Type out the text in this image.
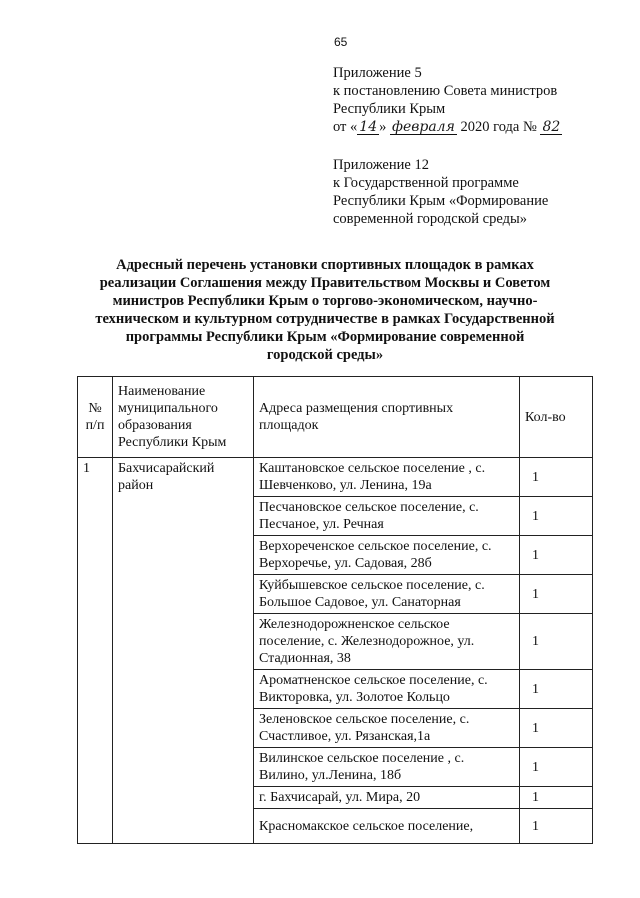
65
Приложение 5
к постановлению Совета министров
Республики Крым
от « 14 » февраля 2020 года № 82
Приложение 12
к Государственной программе
Республики Крым «Формирование
современной городской среды»
Адресный перечень установки спортивных площадок в рамках
реализации Соглашения между Правительством Москвы и Советом
министров Республики Крым о торгово-экономическом, научно-
техническом и культурном сотрудничестве в рамках Государственной
программы Республики Крым «Формирование современной
городской среды»
№ п/п	Наименование муниципального образования Республики Крым	Адреса размещения спортивных площадок	Кол-во
1	Бахчисарайский район	Каштановское сельское поселение , с. Шевченково, ул. Ленина, 19а	1
		Песчановское сельское поселение, с. Песчаное, ул. Речная	1
		Верхореченское сельское поселение, с. Верхоречье, ул. Садовая, 28б	1
		Куйбышевское сельское поселение, с. Большое Садовое, ул. Санаторная	1
		Железнодорожненское сельское поселение, с. Железнодорожное, ул. Стадионная, 38	1
		Ароматненское сельское поселение, с. Викторовка, ул. Золотое Кольцо	1
		Зеленовское сельское поселение, с. Счастливое, ул. Рязанская,1а	1
		Вилинское сельское поселение , с. Вилино, ул.Ленина, 18б	1
		г. Бахчисарай, ул. Мира, 20	1
		Красномакское сельское поселение,	1
